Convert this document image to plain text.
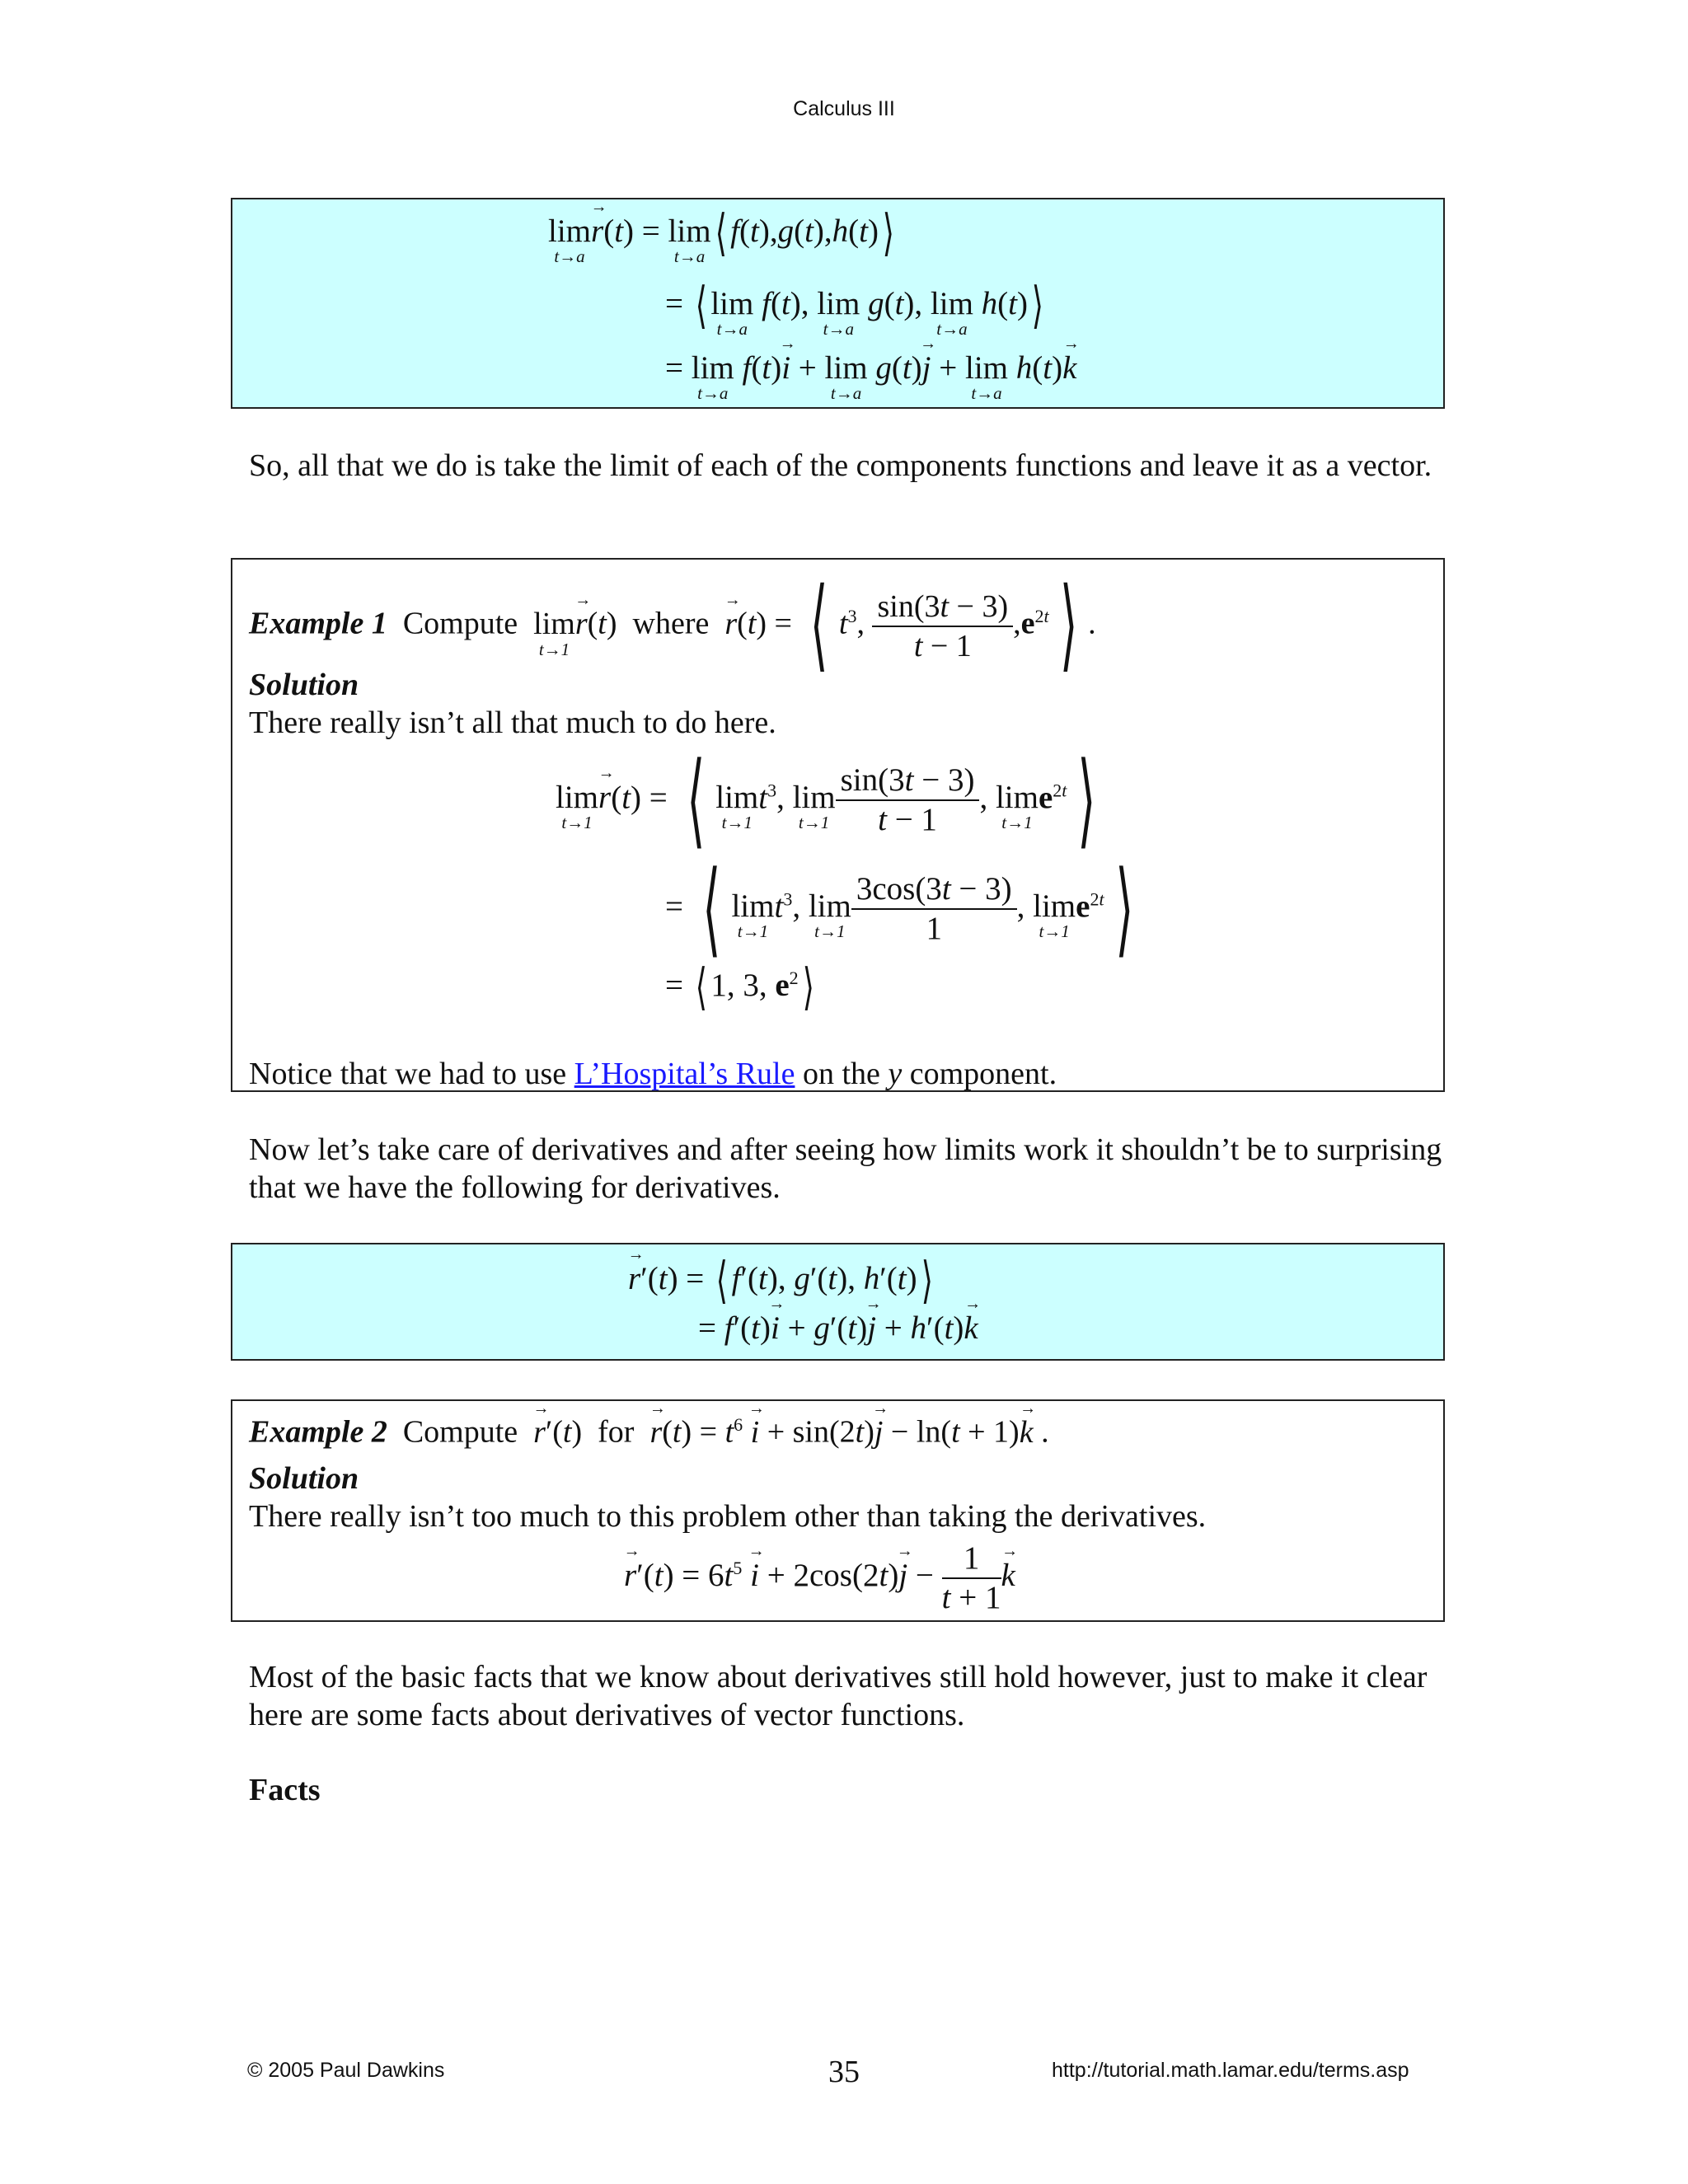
Calculus III
lim
t→a
→ r(t) = lim
t→a ⟨ f(t),g(t),h(t)⟩
= ⟨ lim
t→a
f(t), lim
t→a
g(t), lim
t→a
h(t)⟩
= lim
t→a
f(t)→ i + lim
t→a
g(t)→ j + lim
t→a
h(t)→ k
So, all that we do is take the limit of each of the components functions and leave it as a vector.
Example 1 Compute lim
t→1
→ r(t)  where  → r(t) = ⟨ $t^3$, $\frac{\sin(3t - 3)}{t - 1} ,e^{2t}$ ⟩ .
Solution
There really isn’t all that much to do here.
lim
t→1
→ r(t) = ⟨ lim
t→1
$t^3$, lim
$t\to 1 \frac{\sin(3t - 3)}{t - 1}$ , lim
t→1
$e^{2t}$ ⟩
= ⟨ lim
t→1
$t^3$, lim
$t\to 1 \frac{3\cos(3t - 3)}{1}$ , lim
t→1
$e^{2t}$ ⟩
= ⟨ 1, 3, $e^2⟩$
Notice that we had to use L’Hospital’s Rule on the y component.
Now let’s take care of derivatives and after seeing how limits work it shouldn’t be to surprising that we have the following for derivatives.
→ r′(t) = ⟨ f′(t), g′(t), h′(t)⟩
= f′(t)→ i + g′(t)→ j + h′(t)→ k
Example 2 Compute  → r′(t)  for  → $r(t) = t^6 \to i + \sin(2t)\to j - \ln(t + 1)\to k$ .
Solution
There really isn’t too much to this problem other than taking the derivatives.
→ $r'(t) = 6t^5 \to i + 2\cos(2t)\to j - \frac{1}{t + 1}$
→ k
Most of the basic facts that we know about derivatives still hold however, just to make it clear here are some facts about derivatives of vector functions.
Facts
© 2005 Paul Dawkins	35	http://tutorial.math.lamar.edu/terms.asp
